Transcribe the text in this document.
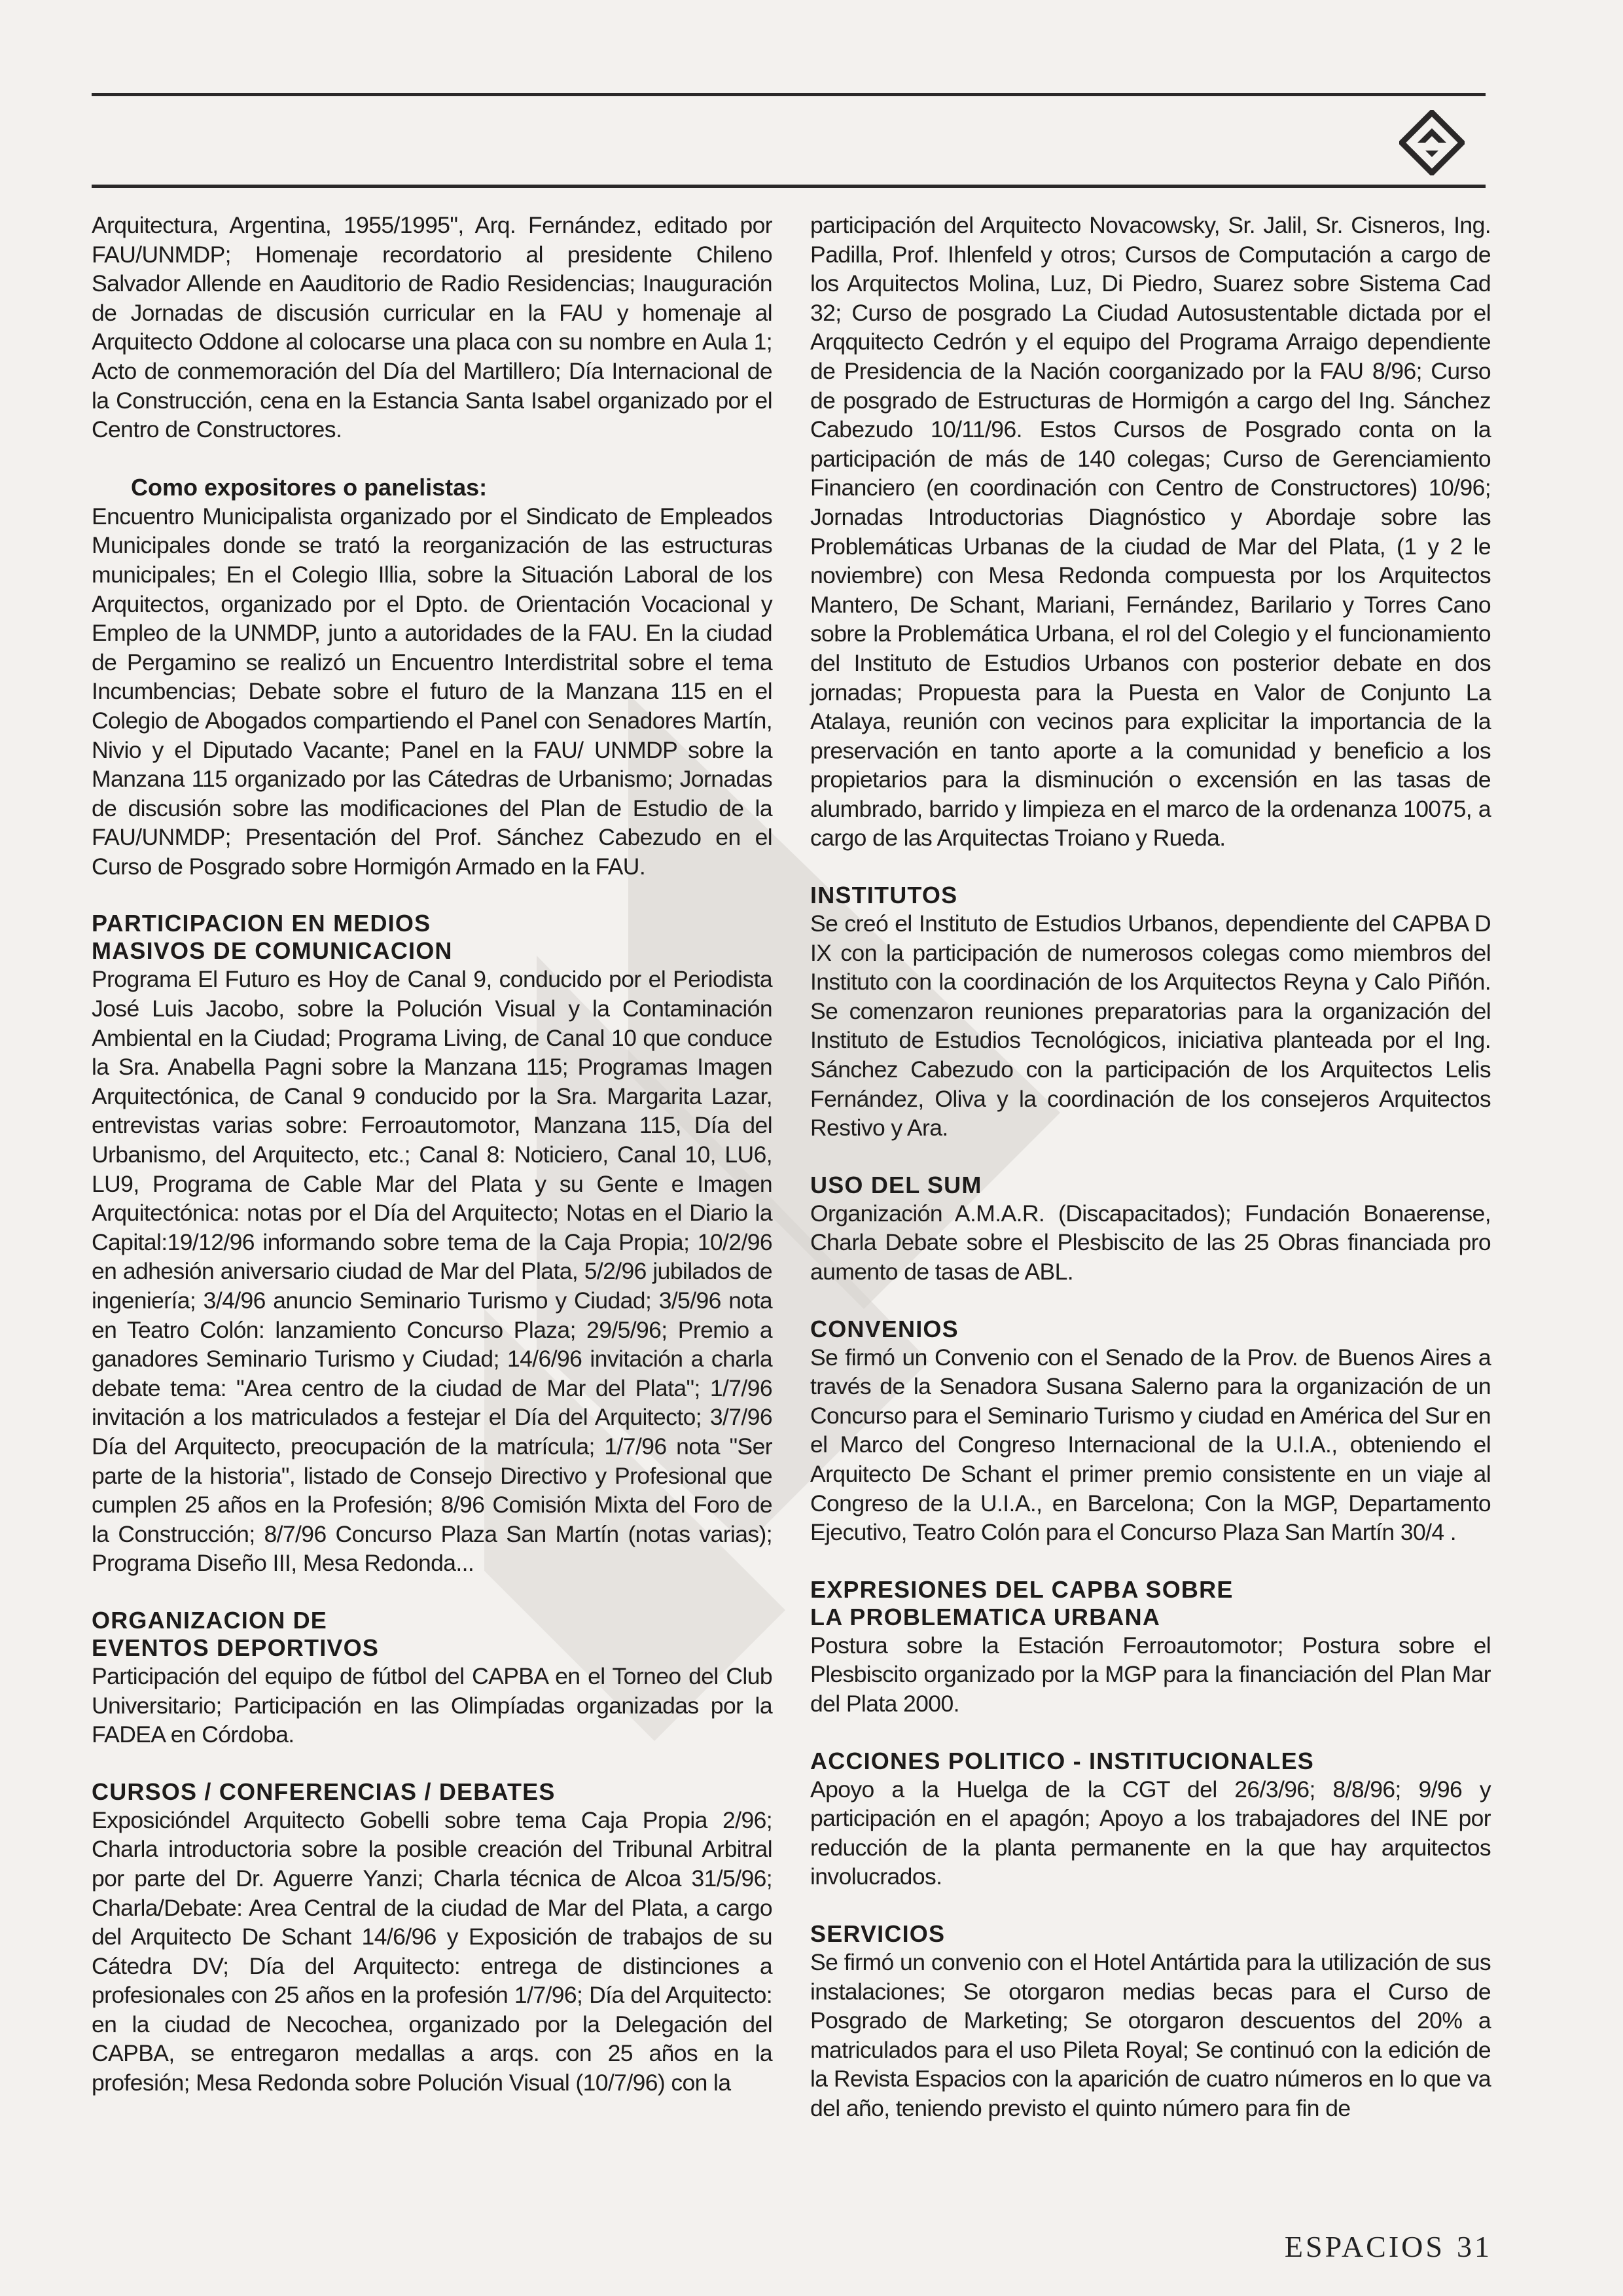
Arquitectura, Argentina, 1955/1995", Arq. Fernández, editado por FAU/UNMDP; Homenaje recordatorio al presidente Chileno Salvador Allende en Aauditorio de Radio Residencias; Inauguración de Jornadas de discusión curricular en la FAU y homenaje al Arquitecto Oddone al colocarse una placa con su nombre en Aula 1; Acto de conmemoración del Día del Martillero; Día Internacional de la Construcción, cena en la Estancia Santa Isabel organizado por el Centro de Constructores.

Como expositores o panelistas:

Encuentro Municipalista organizado por el Sindicato de Empleados Municipales donde se trató la reorganización de las estructuras municipales; En el Colegio Illia, sobre la Situación Laboral de los Arquitectos, organizado por el Dpto. de Orientación Vocacional y Empleo de la UNMDP, junto a autoridades de la FAU. En la ciudad de Pergamino se realizó un Encuentro Interdistrital sobre el tema Incumbencias; Debate sobre el futuro de la Manzana 115 en el Colegio de Abogados compartiendo el Panel con Senadores Martín, Nivio y el Diputado Vacante; Panel en la FAU/ UNMDP sobre la Manzana 115 organizado por las Cátedras de Urbanismo; Jornadas de discusión sobre las modificaciones del Plan de Estudio de la FAU/UNMDP; Presentación del Prof. Sánchez Cabezudo en el Curso de Posgrado sobre Hormigón Armado en la FAU.

PARTICIPACION EN MEDIOS

MASIVOS DE COMUNICACION

Programa El Futuro es Hoy de Canal 9, conducido por el Periodista José Luis Jacobo, sobre la Polución Visual y la Contaminación Ambiental en la Ciudad; Programa Living, de Canal 10 que conduce la Sra. Anabella Pagni sobre la Manzana 115; Programas Imagen Arquitectónica, de Canal 9 conducido por la Sra. Margarita Lazar, entrevistas varias sobre: Ferroautomotor, Manzana 115, Día del Urbanismo, del Arquitecto, etc.; Canal 8: Noticiero, Canal 10, LU6, LU9, Programa de Cable Mar del Plata y su Gente e Imagen Arquitectónica: notas por el Día del Arquitecto; Notas en el Diario la Capital:19/12/96 informando sobre tema de la Caja Propia; 10/2/96 en adhesión aniversario ciudad de Mar del Plata, 5/2/96 jubilados de ingeniería; 3/4/96 anuncio Seminario Turismo y Ciudad; 3/5/96 nota en Teatro Colón: lanzamiento Concurso Plaza; 29/5/96; Premio a ganadores Seminario Turismo y Ciudad; 14/6/96 invitación a charla debate tema: "Area centro de la ciudad de Mar del Plata"; 1/7/96 invitación a los matriculados a festejar el Día del Arquitecto; 3/7/96 Día del Arquitecto, preocupación de la matrícula; 1/7/96 nota "Ser parte de la historia", listado de Consejo Directivo y Profesional que cumplen 25 años en la Profesión; 8/96 Comisión Mixta del Foro de la Construcción; 8/7/96 Concurso Plaza San Martín (notas varias); Programa Diseño III, Mesa Redonda...

ORGANIZACION DE

EVENTOS DEPORTIVOS

Participación del equipo de fútbol del CAPBA en el Torneo del Club Universitario; Participación en las Olimpíadas organizadas por la FADEA en Córdoba.

CURSOS / CONFERENCIAS / DEBATES

Exposicióndel Arquitecto Gobelli sobre tema Caja Propia 2/96; Charla introductoria sobre la posible creación del Tribunal Arbitral por parte del Dr. Aguerre Yanzi; Charla técnica de Alcoa 31/5/96; Charla/Debate: Area Central de la ciudad de Mar del Plata, a cargo del Arquitecto De Schant 14/6/96 y Exposición de trabajos de su Cátedra DV; Día del Arquitecto: entrega de distinciones a profesionales con 25 años en la profesión 1/7/96; Día del Arquitecto: en la ciudad de Necochea, organizado por la Delegación del CAPBA, se entregaron medallas a arqs. con 25 años en la profesión; Mesa Redonda sobre Polución Visual (10/7/96) con la

participación del Arquitecto Novacowsky, Sr. Jalil, Sr. Cisneros, Ing. Padilla, Prof. Ihlenfeld y otros; Cursos de Computación a cargo de los Arquitectos Molina, Luz, Di Piedro, Suarez sobre Sistema Cad 32; Curso de posgrado La Ciudad Autosustentable dictada por el Arqquitecto Cedrón y el equipo del Programa Arraigo dependiente de Presidencia de la Nación coorganizado por la FAU 8/96; Curso de posgrado de Estructuras de Hormigón a cargo del Ing. Sánchez Cabezudo 10/11/96. Estos Cursos de Posgrado conta on la participación de más de 140 colegas; Curso de Gerenciamiento Financiero (en coordinación con Centro de Constructores) 10/96; Jornadas Introductorias Diagnóstico y Abordaje sobre las Problemáticas Urbanas de la ciudad de Mar del Plata, (1 y 2 le noviembre) con Mesa Redonda compuesta por los Arquitectos Mantero, De Schant, Mariani, Fernández, Barilario y Torres Cano sobre la Problemática Urbana, el rol del Colegio y el funcionamiento del Instituto de Estudios Urbanos con posterior debate en dos jornadas; Propuesta para la Puesta en Valor de Conjunto La Atalaya, reunión con vecinos para explicitar la importancia de la preservación en tanto aporte a la comunidad y beneficio a los propietarios para la disminución o excensión en las tasas de alumbrado, barrido y limpieza en el marco de la ordenanza 10075, a cargo de las Arquitectas Troiano y Rueda.

INSTITUTOS

Se creó el Instituto de Estudios Urbanos, dependiente del CAPBA D IX con la participación de numerosos colegas como miembros del Instituto con la coordinación de los Arquitectos Reyna y Calo Piñón. Se comenzaron reuniones preparatorias para la organización del Instituto de Estudios Tecnológicos, iniciativa planteada por el Ing. Sánchez Cabezudo con la participación de los Arquitectos Lelis Fernández, Oliva y la coordinación de los consejeros Arquitectos Restivo y Ara.

USO DEL SUM

Organización A.M.A.R. (Discapacitados); Fundación Bonaerense, Charla Debate sobre el Plesbiscito de las 25 Obras financiada pro aumento de tasas de ABL.

CONVENIOS

Se firmó un Convenio con el Senado de la Prov. de Buenos Aires a través de la Senadora Susana Salerno para la organización de un Concurso para el Seminario Turismo y ciudad en América del Sur en el Marco del Congreso Internacional de la U.I.A., obteniendo el Arquitecto De Schant el primer premio consistente en un viaje al Congreso de la U.I.A., en Barcelona; Con la MGP, Departamento Ejecutivo, Teatro Colón para el Concurso Plaza San Martín 30/4 .

EXPRESIONES DEL CAPBA SOBRE

LA PROBLEMATICA URBANA

Postura sobre la Estación Ferroautomotor; Postura sobre el Plesbiscito organizado por la MGP para la financiación del Plan Mar del Plata 2000.

ACCIONES POLITICO - INSTITUCIONALES

Apoyo a la Huelga de la CGT del 26/3/96; 8/8/96; 9/96 y participación en el apagón; Apoyo a los trabajadores del INE por reducción de la planta permanente en la que hay arquitectos involucrados.

SERVICIOS

Se firmó un convenio con el Hotel Antártida para la utilización de sus instalaciones; Se otorgaron medias becas para el Curso de Posgrado de Marketing; Se otorgaron descuentos del 20% a matriculados para el uso Pileta Royal; Se continuó con la edición de la Revista Espacios con la aparición de cuatro números en lo que va del año, teniendo previsto el quinto número para fin de

ESPACIOS 31
